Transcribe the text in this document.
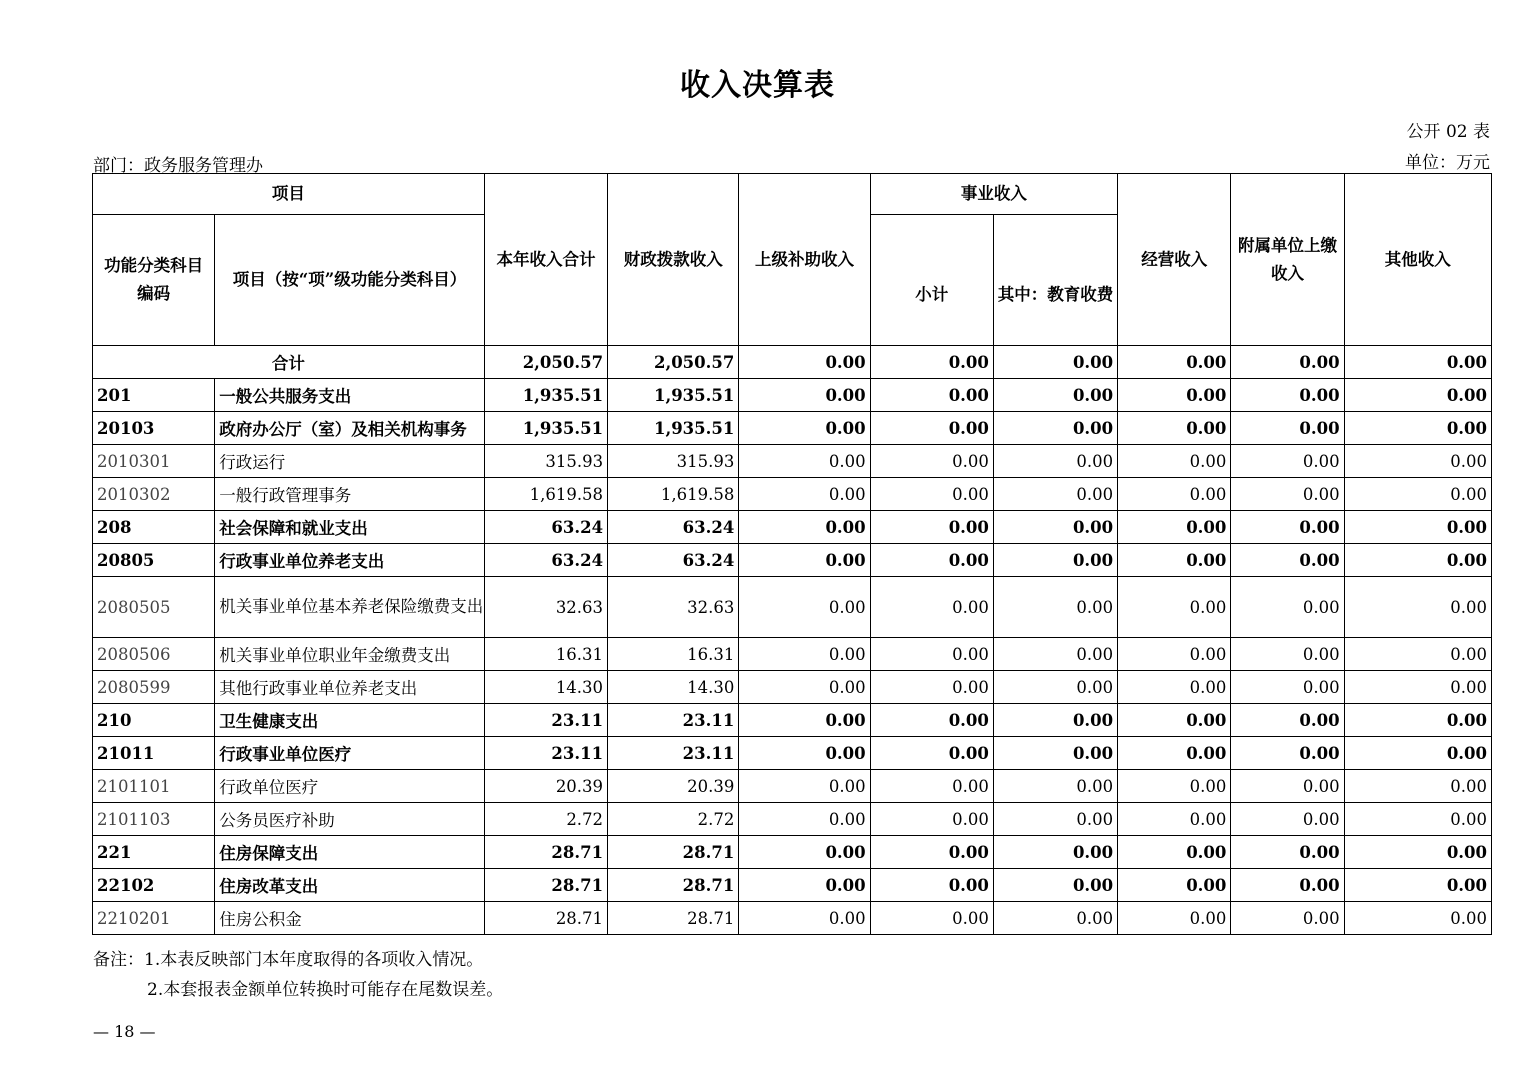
收入决算表
公开 02 表
部门：政务服务管理办	单位：万元
项目		本年收入合计	财政拨款收入	上级补助收入	事业收入		经营收入	附属单位上缴收入	其他收入
功能分类科目编码	项目（按“项”级功能分类科目）				小计	其中：教育收费			
合计		2,050.57	2,050.57	0.00	0.00	0.00	0.00	0.00	0.00
201	一般公共服务支出	1,935.51	1,935.51	0.00	0.00	0.00	0.00	0.00	0.00
20103	政府办公厅（室）及相关机构事务	1,935.51	1,935.51	0.00	0.00	0.00	0.00	0.00	0.00
2010301	行政运行	315.93	315.93	0.00	0.00	0.00	0.00	0.00	0.00
2010302	一般行政管理事务	1,619.58	1,619.58	0.00	0.00	0.00	0.00	0.00	0.00
208	社会保障和就业支出	63.24	63.24	0.00	0.00	0.00	0.00	0.00	0.00
20805	行政事业单位养老支出	63.24	63.24	0.00	0.00	0.00	0.00	0.00	0.00
2080505	机关事业单位基本养老保险缴费支出	32.63	32.63	0.00	0.00	0.00	0.00	0.00	0.00
2080506	机关事业单位职业年金缴费支出	16.31	16.31	0.00	0.00	0.00	0.00	0.00	0.00
2080599	其他行政事业单位养老支出	14.30	14.30	0.00	0.00	0.00	0.00	0.00	0.00
210	卫生健康支出	23.11	23.11	0.00	0.00	0.00	0.00	0.00	0.00
21011	行政事业单位医疗	23.11	23.11	0.00	0.00	0.00	0.00	0.00	0.00
2101101	行政单位医疗	20.39	20.39	0.00	0.00	0.00	0.00	0.00	0.00
2101103	公务员医疗补助	2.72	2.72	0.00	0.00	0.00	0.00	0.00	0.00
221	住房保障支出	28.71	28.71	0.00	0.00	0.00	0.00	0.00	0.00
22102	住房改革支出	28.71	28.71	0.00	0.00	0.00	0.00	0.00	0.00
2210201	住房公积金	28.71	28.71	0.00	0.00	0.00	0.00	0.00	0.00
备注：1.本表反映部门本年度取得的各项收入情况。
2.本套报表金额单位转换时可能存在尾数误差。
— 18 —
